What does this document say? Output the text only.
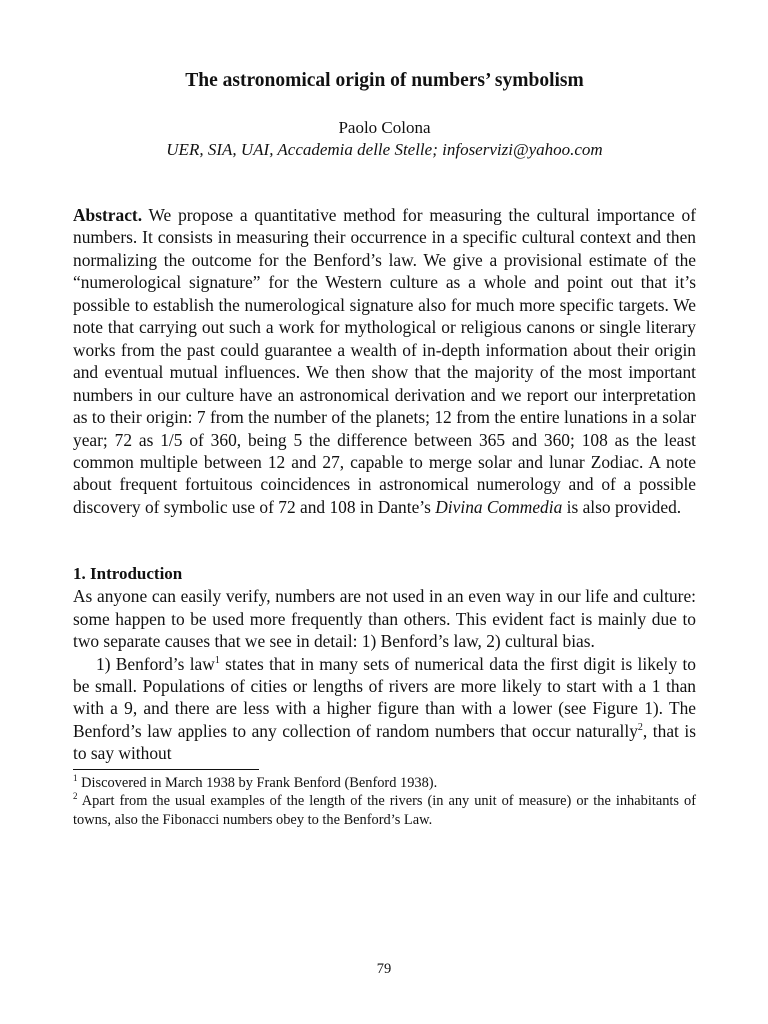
The astronomical origin of numbers’ symbolism
Paolo Colona
UER, SIA, UAI, Accademia delle Stelle; infoservizi@yahoo.com
Abstract. We propose a quantitative method for measuring the cultural importance of numbers. It consists in measuring their occurrence in a specific cultural context and then normalizing the outcome for the Benford’s law. We give a provisional estimate of the “numerological signature” for the Western culture as a whole and point out that it’s possible to establish the numerological signature also for much more specific targets. We note that carrying out such a work for mythological or religious canons or single literary works from the past could guarantee a wealth of in-depth information about their origin and eventual mutual influences. We then show that the majority of the most important numbers in our culture have an astronomical derivation and we report our interpretation as to their origin: 7 from the number of the planets; 12 from the entire lunations in a solar year; 72 as 1/5 of 360, being 5 the difference between 365 and 360; 108 as the least common multiple between 12 and 27, capable to merge solar and lunar Zodiac. A note about frequent fortuitous coincidences in astronomical numerology and of a possible discovery of symbolic use of 72 and 108 in Dante’s Divina Commedia is also provided.
1. Introduction

As anyone can easily verify, numbers are not used in an even way in our life and culture: some happen to be used more frequently than others. This evident fact is mainly due to two separate causes that we see in detail: 1) Benford’s law, 2) cultural bias.

1) Benford’s law$^1$ states that in many sets of numerical data the first digit is likely to be small. Populations of cities or lengths of rivers are more likely to start with a 1 than with a 9, and there are less with a higher figure than with a lower (see Figure 1). The Benford’s law applies to any collection of random numbers that occur naturally$^2$, that is to say without

$^1$ Discovered in March 1938 by Frank Benford (Benford 1938).
$^2$ Apart from the usual examples of the length of the rivers (in any unit of measure) or the inhabitants of towns, also the Fibonacci numbers obey to the Benford’s Law.
79
